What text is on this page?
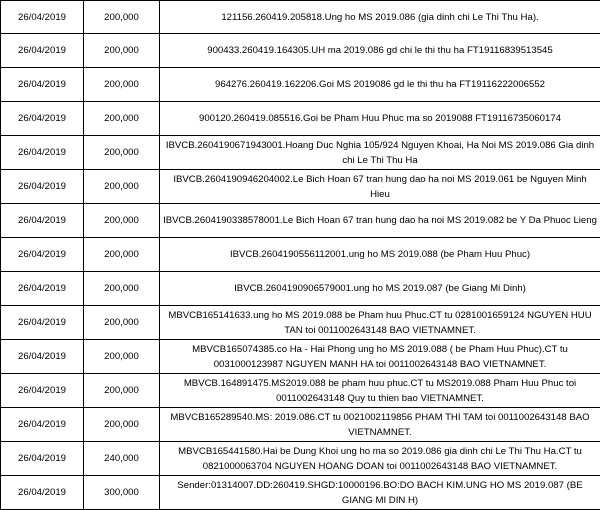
26/04/2019	200,000	121156.260419.205818.Ung ho MS 2019.086 (gia dinh chi Le Thi Thu Ha).
26/04/2019	200,000	900433.260419.164305.UH ma 2019.086 gd chi le thi thu ha FT19116839513545
26/04/2019	200,000	964276.260419.162206.Goi MS 2019086 gd le thi thu ha FT19116222006552
26/04/2019	200,000	900120.260419.085516.Goi be Pham Huu Phuc ma so 2019088 FT19116735060174
26/04/2019	200,000	IBVCB.2604190671943001.Hoang Duc Nghia 105/924 Nguyen Khoai, Ha Noi MS 2019.086 Gia dinh chi Le Thi Thu Ha
26/04/2019	200,000	IBVCB.2604190946204002.Le Bich Hoan 67 tran hung dao ha noi MS 2019.061 be Nguyen Minh Hieu
26/04/2019	200,000	IBVCB.2604190338578001.Le Bich Hoan 67 tran hung dao ha noi MS 2019.082 be Y Da Phuoc Lieng
26/04/2019	200,000	IBVCB.2604190556112001.ung ho MS 2019.088 (be Pham Huu Phuc)
26/04/2019	200,000	IBVCB.2604190906579001.ung ho MS 2019.087 (be Giang Mi Dinh)
26/04/2019	200,000	MBVCB165141633.ung ho MS 2019.088 be Pham huu Phuc.CT tu 0281001659124 NGUYEN HUU TAN toi 0011002643148 BAO VIETNAMNET.
26/04/2019	200,000	MBVCB165074385.co Ha - Hai Phong ung ho MS 2019.088 ( be Pham Huu Phuc).CT tu 0031000123987 NGUYEN MANH HA toi 0011002643148 BAO VIETNAMNET.
26/04/2019	200,000	MBVCB.164891475.MS2019.088 be pham huu phuc.CT tu MS2019.088 Pham Huu Phuc toi 0011002643148 Quy tu thien bao VIETNAMNET.
26/04/2019	200,000	MBVCB165289540.MS: 2019.086.CT tu 0021002119856 PHAM THI TAM toi 0011002643148 BAO VIETNAMNET.
26/04/2019	240,000	MBVCB165441580.Hai be Dung Khoi ung ho ma so 2019.086 gia dinh chi Le Thi Thu Ha.CT tu 0821000063704 NGUYEN HOANG DOAN toi 0011002643148 BAO VIETNAMNET.
26/04/2019	300,000	Sender:01314007.DD:260419.SHGD:10000196.BO:DO BACH KIM.UNG HO MS 2019.087 (BE GIANG MI DIN H)
